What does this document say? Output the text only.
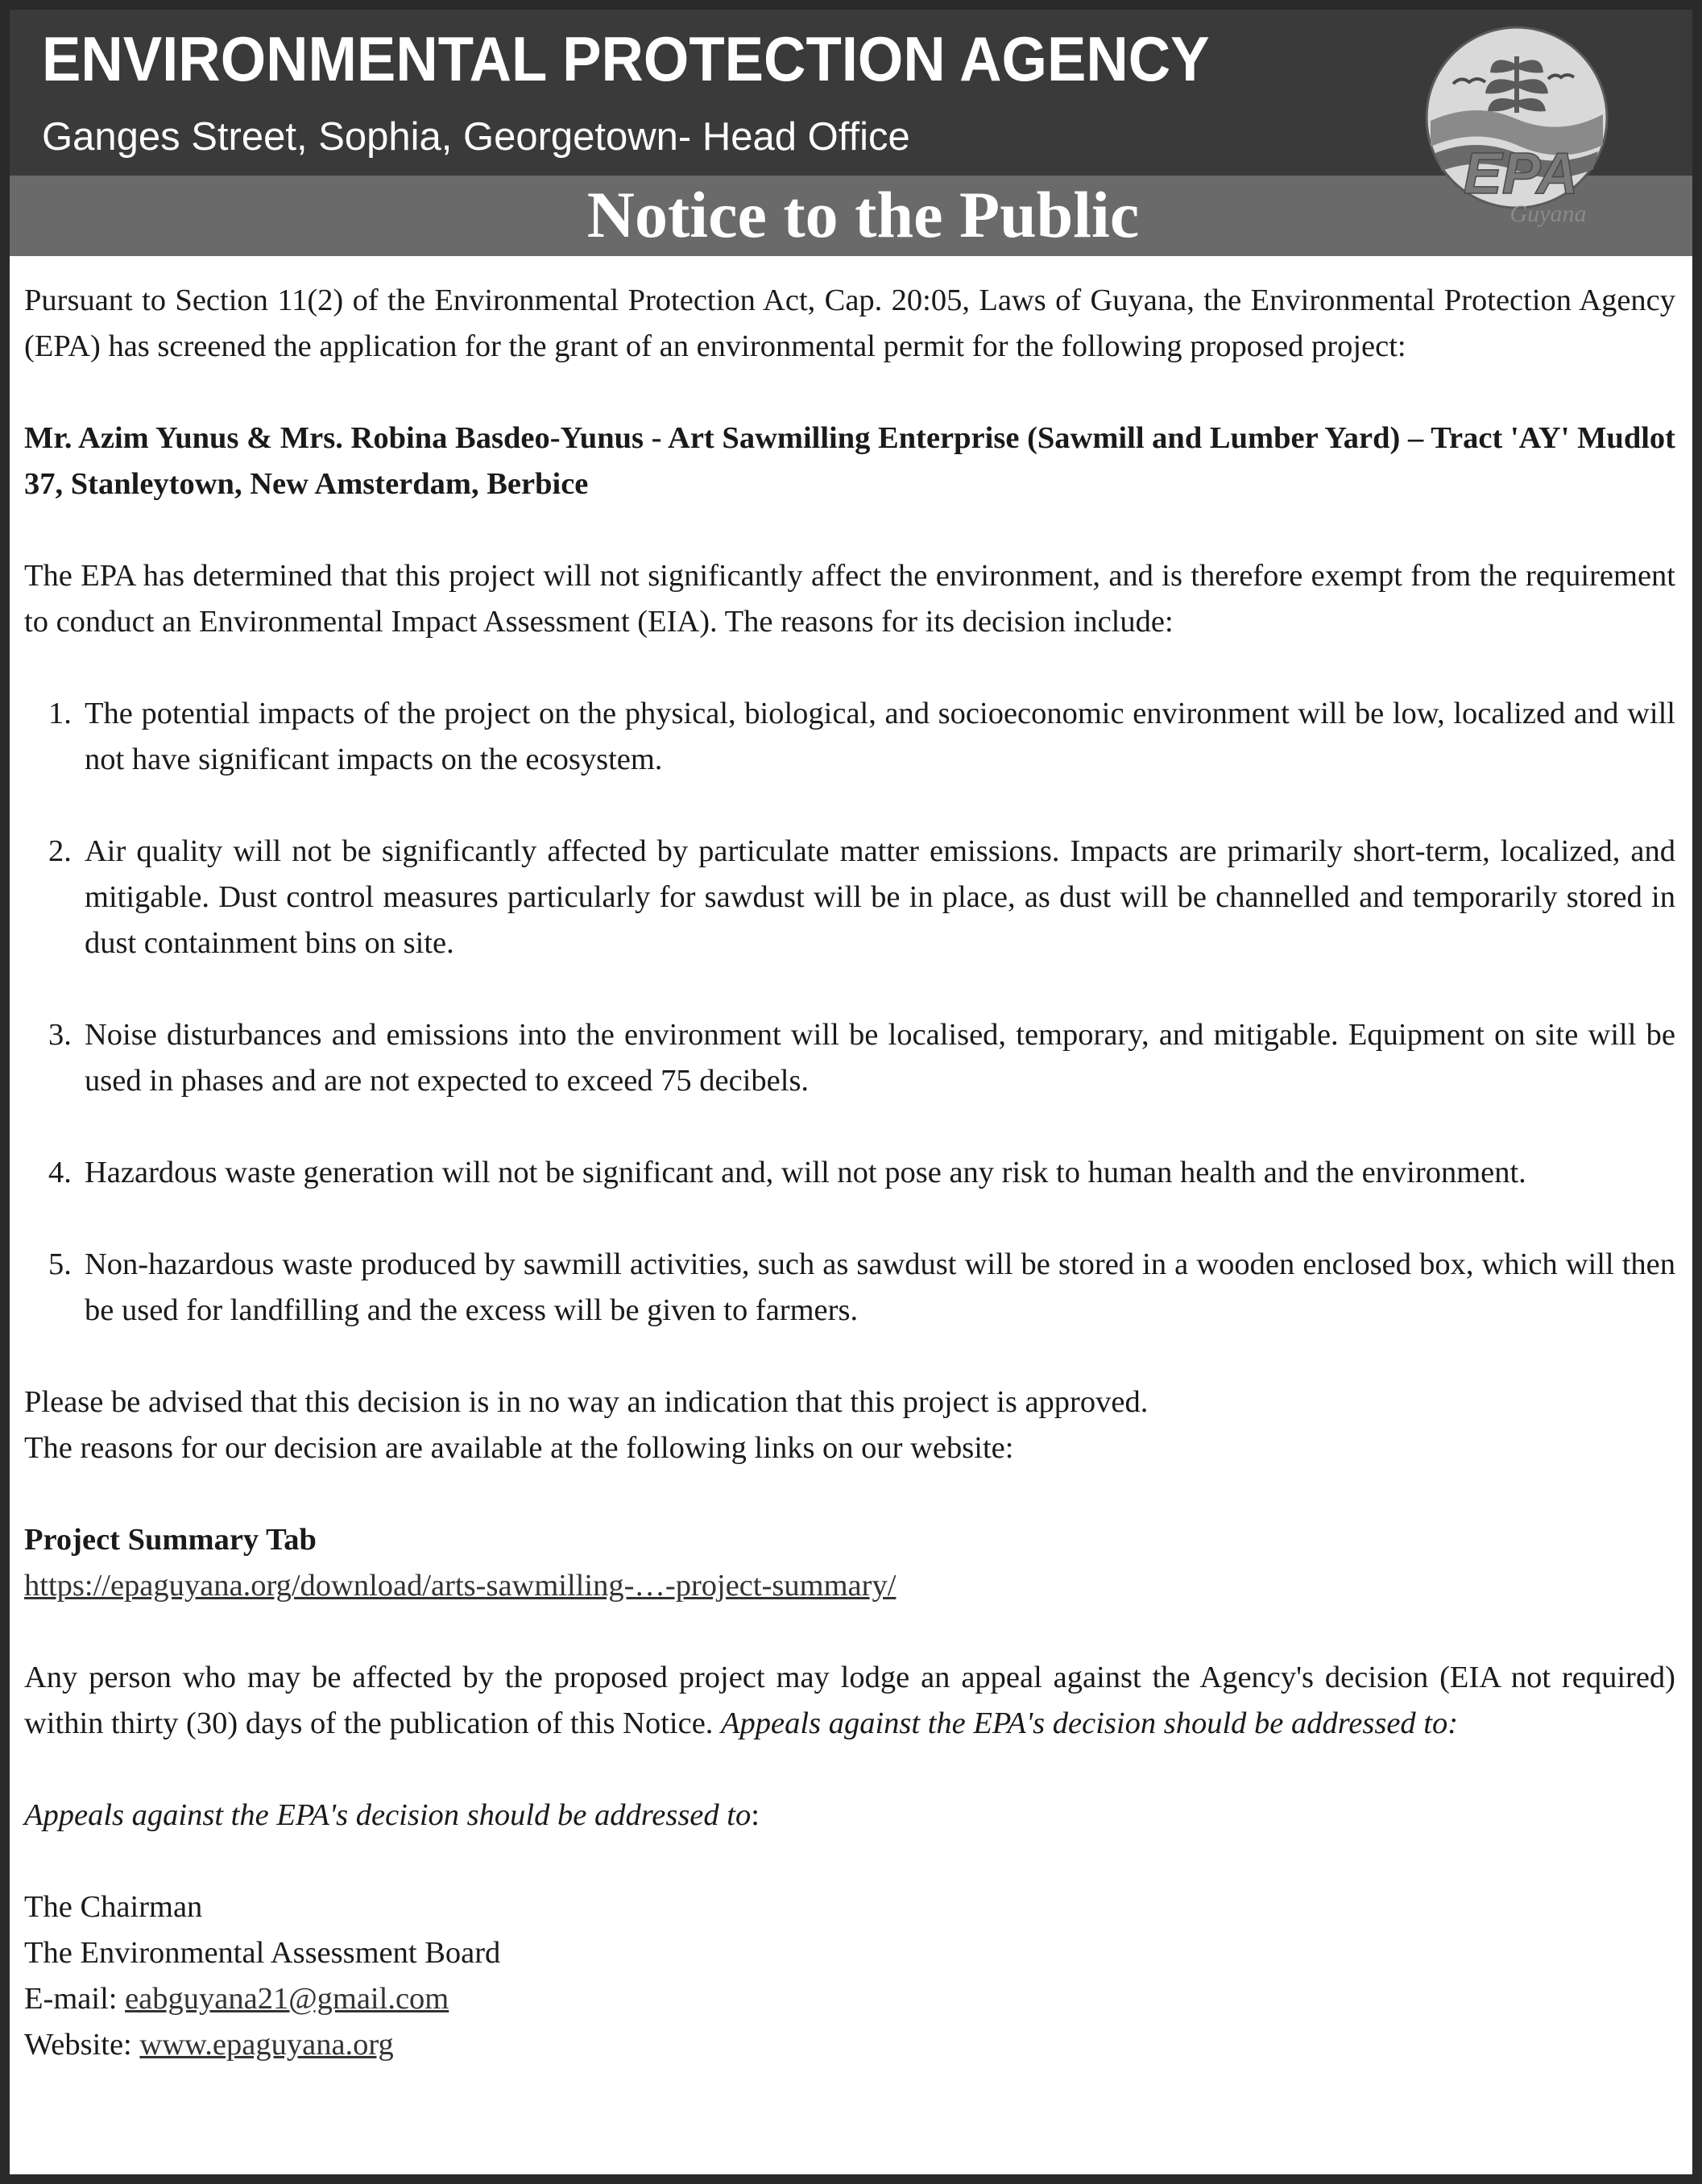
ENVIRONMENTAL PROTECTION AGENCY

Ganges Street, Sophia, Georgetown- Head Office

Notice to the Public
EPA
Guyana

Pursuant to Section 11(2) of the Environmental Protection Act, Cap. 20:05, Laws of Guyana, the Environmental Protection Agency (EPA) has screened the application for the grant of an environmental permit for the following proposed project:

Mr. Azim Yunus & Mrs. Robina Basdeo-Yunus - Art Sawmilling Enterprise (Sawmill and Lumber Yard) – Tract 'AY' Mudlot 37, Stanleytown, New Amsterdam, Berbice

The EPA has determined that this project will not significantly affect the environment, and is therefore exempt from the requirement to conduct an Environmental Impact Assessment (EIA). The reasons for its decision include:

1. The potential impacts of the project on the physical, biological, and socioeconomic environment will be low, localized and will not have significant impacts on the ecosystem.
2. Air quality will not be significantly affected by particulate matter emissions. Impacts are primarily short-term, localized, and mitigable. Dust control measures particularly for sawdust will be in place, as dust will be channelled and temporarily stored in dust containment bins on site.
3. Noise disturbances and emissions into the environment will be localised, temporary, and mitigable. Equipment on site will be used in phases and are not expected to exceed 75 decibels.
4. Hazardous waste generation will not be significant and, will not pose any risk to human health and the environment.
5. Non-hazardous waste produced by sawmill activities, such as sawdust will be stored in a wooden enclosed box, which will then be used for landfilling and the excess will be given to farmers.

Please be advised that this decision is in no way an indication that this project is approved.

The reasons for our decision are available at the following links on our website:

Project Summary Tab

https://epaguyana.org/download/arts-sawmilling-…-project-summary/

Any person who may be affected by the proposed project may lodge an appeal against the Agency's decision (EIA not required) within thirty (30) days of the publication of this Notice. Appeals against the EPA's decision should be addressed to:

Appeals against the EPA's decision should be addressed to:

The Chairman

The Environmental Assessment Board

E-mail: eabguyana21@gmail.com

Website: www.epaguyana.org
